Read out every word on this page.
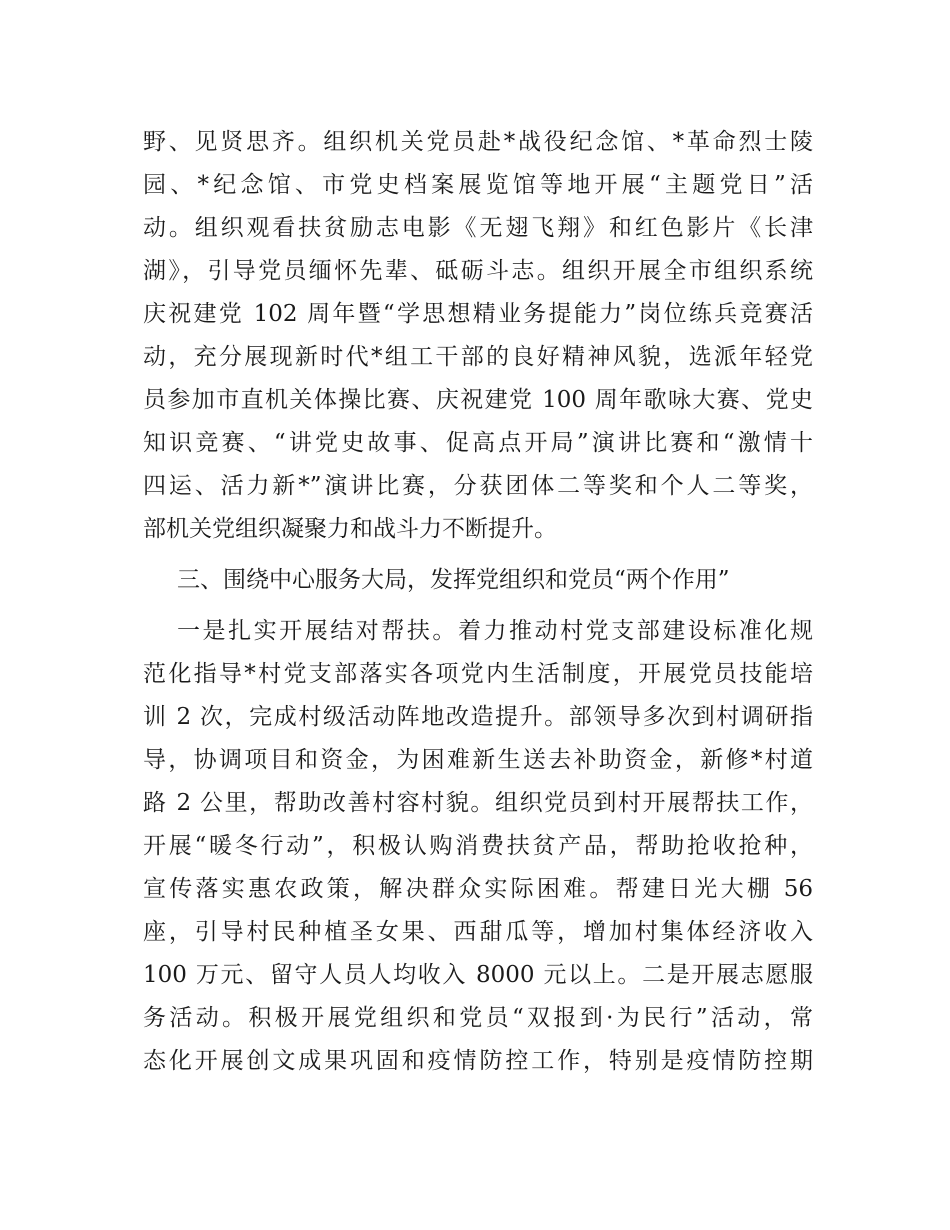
野、见贤思齐。组织机关党员赴*战役纪念馆、*革命烈士陵
园、*纪念馆、市党史档案展览馆等地开展“主题党日”活
动。组织观看扶贫励志电影《无翅飞翔》和红色影片《长津
湖》，引导党员缅怀先辈、砥砺斗志。组织开展全市组织系统
庆祝建党 102 周年暨“学思想精业务提能力”岗位练兵竞赛活
动，充分展现新时代*组工干部的良好精神风貌，选派年轻党
员参加市直机关体操比赛、庆祝建党 100 周年歌咏大赛、党史
知识竞赛、“讲党史故事、促高点开局”演讲比赛和“激情十
四运、活力新*”演讲比赛，分获团体二等奖和个人二等奖，
部机关党组织凝聚力和战斗力不断提升。
三、围绕中心服务大局，发挥党组织和党员“两个作用”
一是扎实开展结对帮扶。着力推动村党支部建设标准化规
范化指导*村党支部落实各项党内生活制度，开展党员技能培
训 2 次，完成村级活动阵地改造提升。部领导多次到村调研指
导，协调项目和资金，为困难新生送去补助资金，新修*村道
路 2 公里，帮助改善村容村貌。组织党员到村开展帮扶工作，
开展“暖冬行动”，积极认购消费扶贫产品，帮助抢收抢种，
宣传落实惠农政策，解决群众实际困难。帮建日光大棚 56
座，引导村民种植圣女果、西甜瓜等，增加村集体经济收入
100 万元、留守人员人均收入 8000 元以上。二是开展志愿服
务活动。积极开展党组织和党员“双报到·为民行”活动，常
态化开展创文成果巩固和疫情防控工作，特别是疫情防控期
